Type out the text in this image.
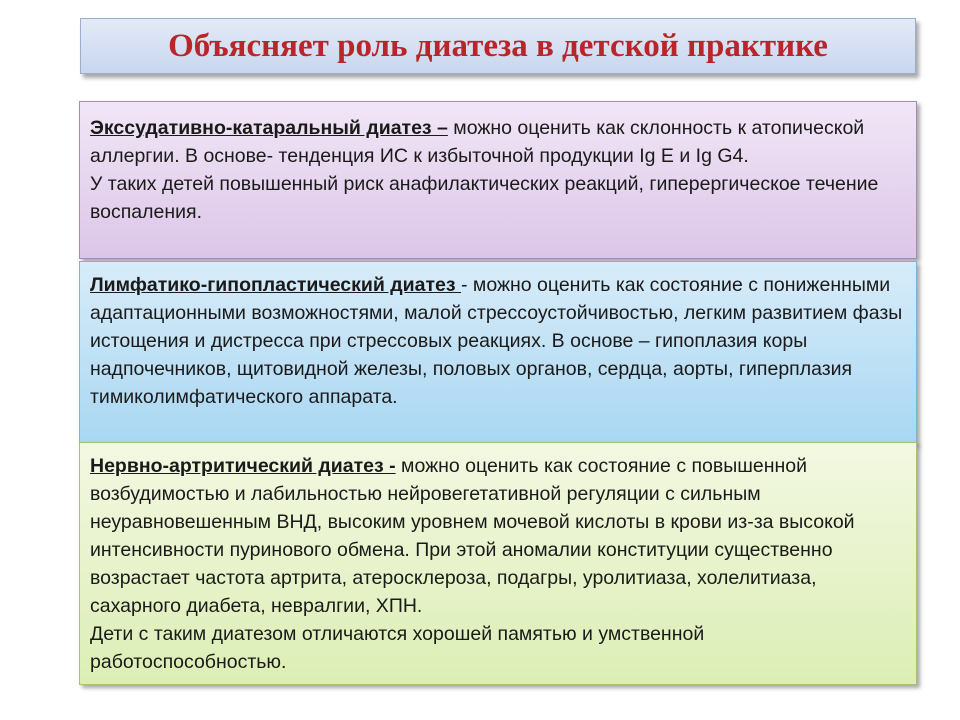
Объясняет роль диатеза в детской практике

Экссудативно-катаральный диатез – можно оценить как склонность к атопической аллергии. В основе- тенденция ИС к избыточной продукции Ig E и Ig G4.

У таких детей повышенный риск анафилактических реакций, гиперергическое течение воспаления.

Лимфатико-гипопластический диатез - можно оценить как состояние с пониженными адаптационными возможностями, малой стрессоустойчивостью, легким развитием фазы истощения и дистресса при стрессовых реакциях. В основе – гипоплазия коры надпочечников, щитовидной железы, половых органов, сердца, аорты, гиперплазия тимиколимфатического аппарата.

Нервно-артритический диатез - можно оценить как состояние с повышенной возбудимостью и лабильностью нейровегетативной регуляции с сильным неуравновешенным ВНД, высоким уровнем мочевой кислоты в крови из-за высокой интенсивности пуринового обмена. При этой аномалии конституции существенно возрастает частота артрита, атеросклероза, подагры, уролитиаза, холелитиаза, сахарного диабета, невралгии, ХПН.

Дети с таким диатезом отличаются хорошей памятью и умственной работоспособностью.
